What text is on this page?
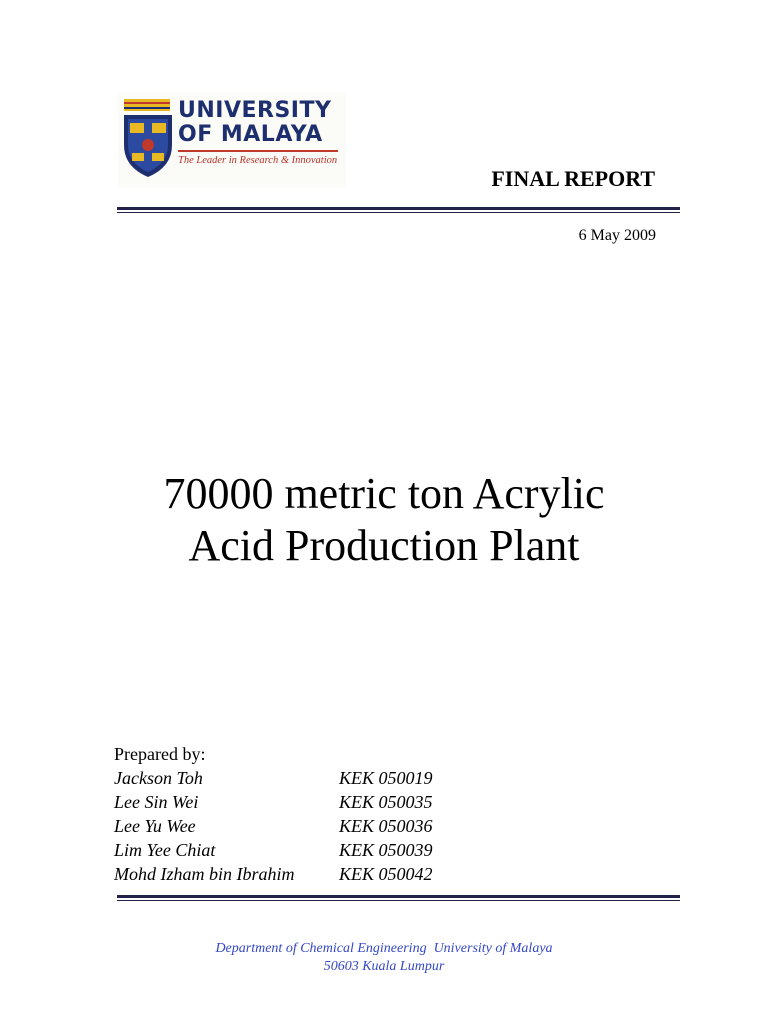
UNIVERSITY
OF MALAYA
The Leader in Research & Innovation
FINAL REPORT
6 May 2009
70000 metric ton Acrylic
Acid Production Plant
Prepared by:
Jackson Toh	KEK 050019
Lee Sin Wei	KEK 050035
Lee Yu Wee	KEK 050036
Lim Yee Chiat	KEK 050039
Mohd Izham bin Ibrahim KEK 050042
Department of Chemical Engineering  University of Malaya
50603 Kuala Lumpur
